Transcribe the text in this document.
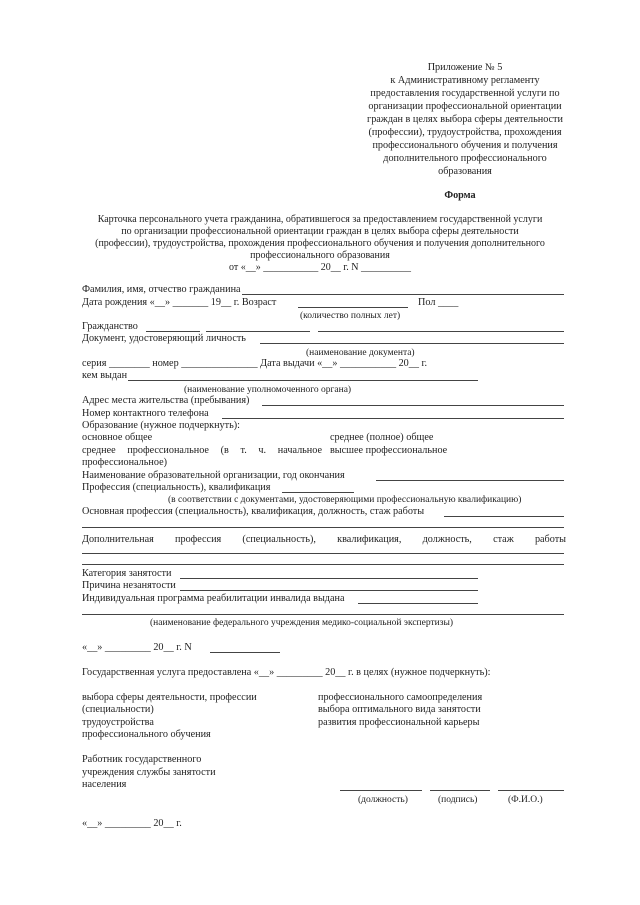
Приложение № 5
к Административному регламенту
предоставления государственной услуги по
организации профессиональной ориентации
граждан в целях выбора сферы деятельности
(профессии), трудоустройства, прохождения
профессионального обучения и получения
дополнительного профессионального
образования
Форма
Карточка персонального учета гражданина, обратившегося за предоставлением государственной услуги
по организации профессиональной ориентации граждан в целях выбора сферы деятельности
(профессии), трудоустройства, прохождения профессионального обучения и получения дополнительного
профессионального образования
от «__» ___________ 20__ г. N __________
Фамилия, имя, отчество гражданина
Дата рождения «__» _______ 19__ г. Возраст	Пол ____
(количество полных лет)
Гражданство
Документ, удостоверяющий личность
(наименование документа)
серия ________ номер _______________ Дата выдачи «__» ___________ 20__ г.
кем выдан
(наименование уполномоченного органа)
Адрес места жительства (пребывания)
Номер контактного телефона
Образование (нужное подчеркнуть):
основное общее	среднее (полное) общее
среднее профессиональное (в т. ч. начальное профессиональное)
высшее профессиональное
Наименование образовательной организации, год окончания
Профессия (специальность), квалификация
(в соответствии с документами, удостоверяющими профессиональную квалификацию)
Основная профессия (специальность), квалификация, должность, стаж работы
Дополнительная профессия (специальность), квалификация, должность, стаж работы
Категория занятости
Причина незанятости
Индивидуальная программа реабилитации инвалида выдана
(наименование федерального учреждения медико-социальной экспертизы)
«__» _________ 20__ г. N
Государственная услуга предоставлена «__» _________ 20__ г. в целях (нужное подчеркнуть):
выбора сферы деятельности, профессии
(специальности)
трудоустройства
профессионального обучения
профессионального самоопределения
выбора оптимального вида занятости
развития профессиональной карьеры
Работник государственного
учреждения службы занятости
населения
(должность)	(подпись)	(Ф.И.О.)
«__» _________ 20__ г.
